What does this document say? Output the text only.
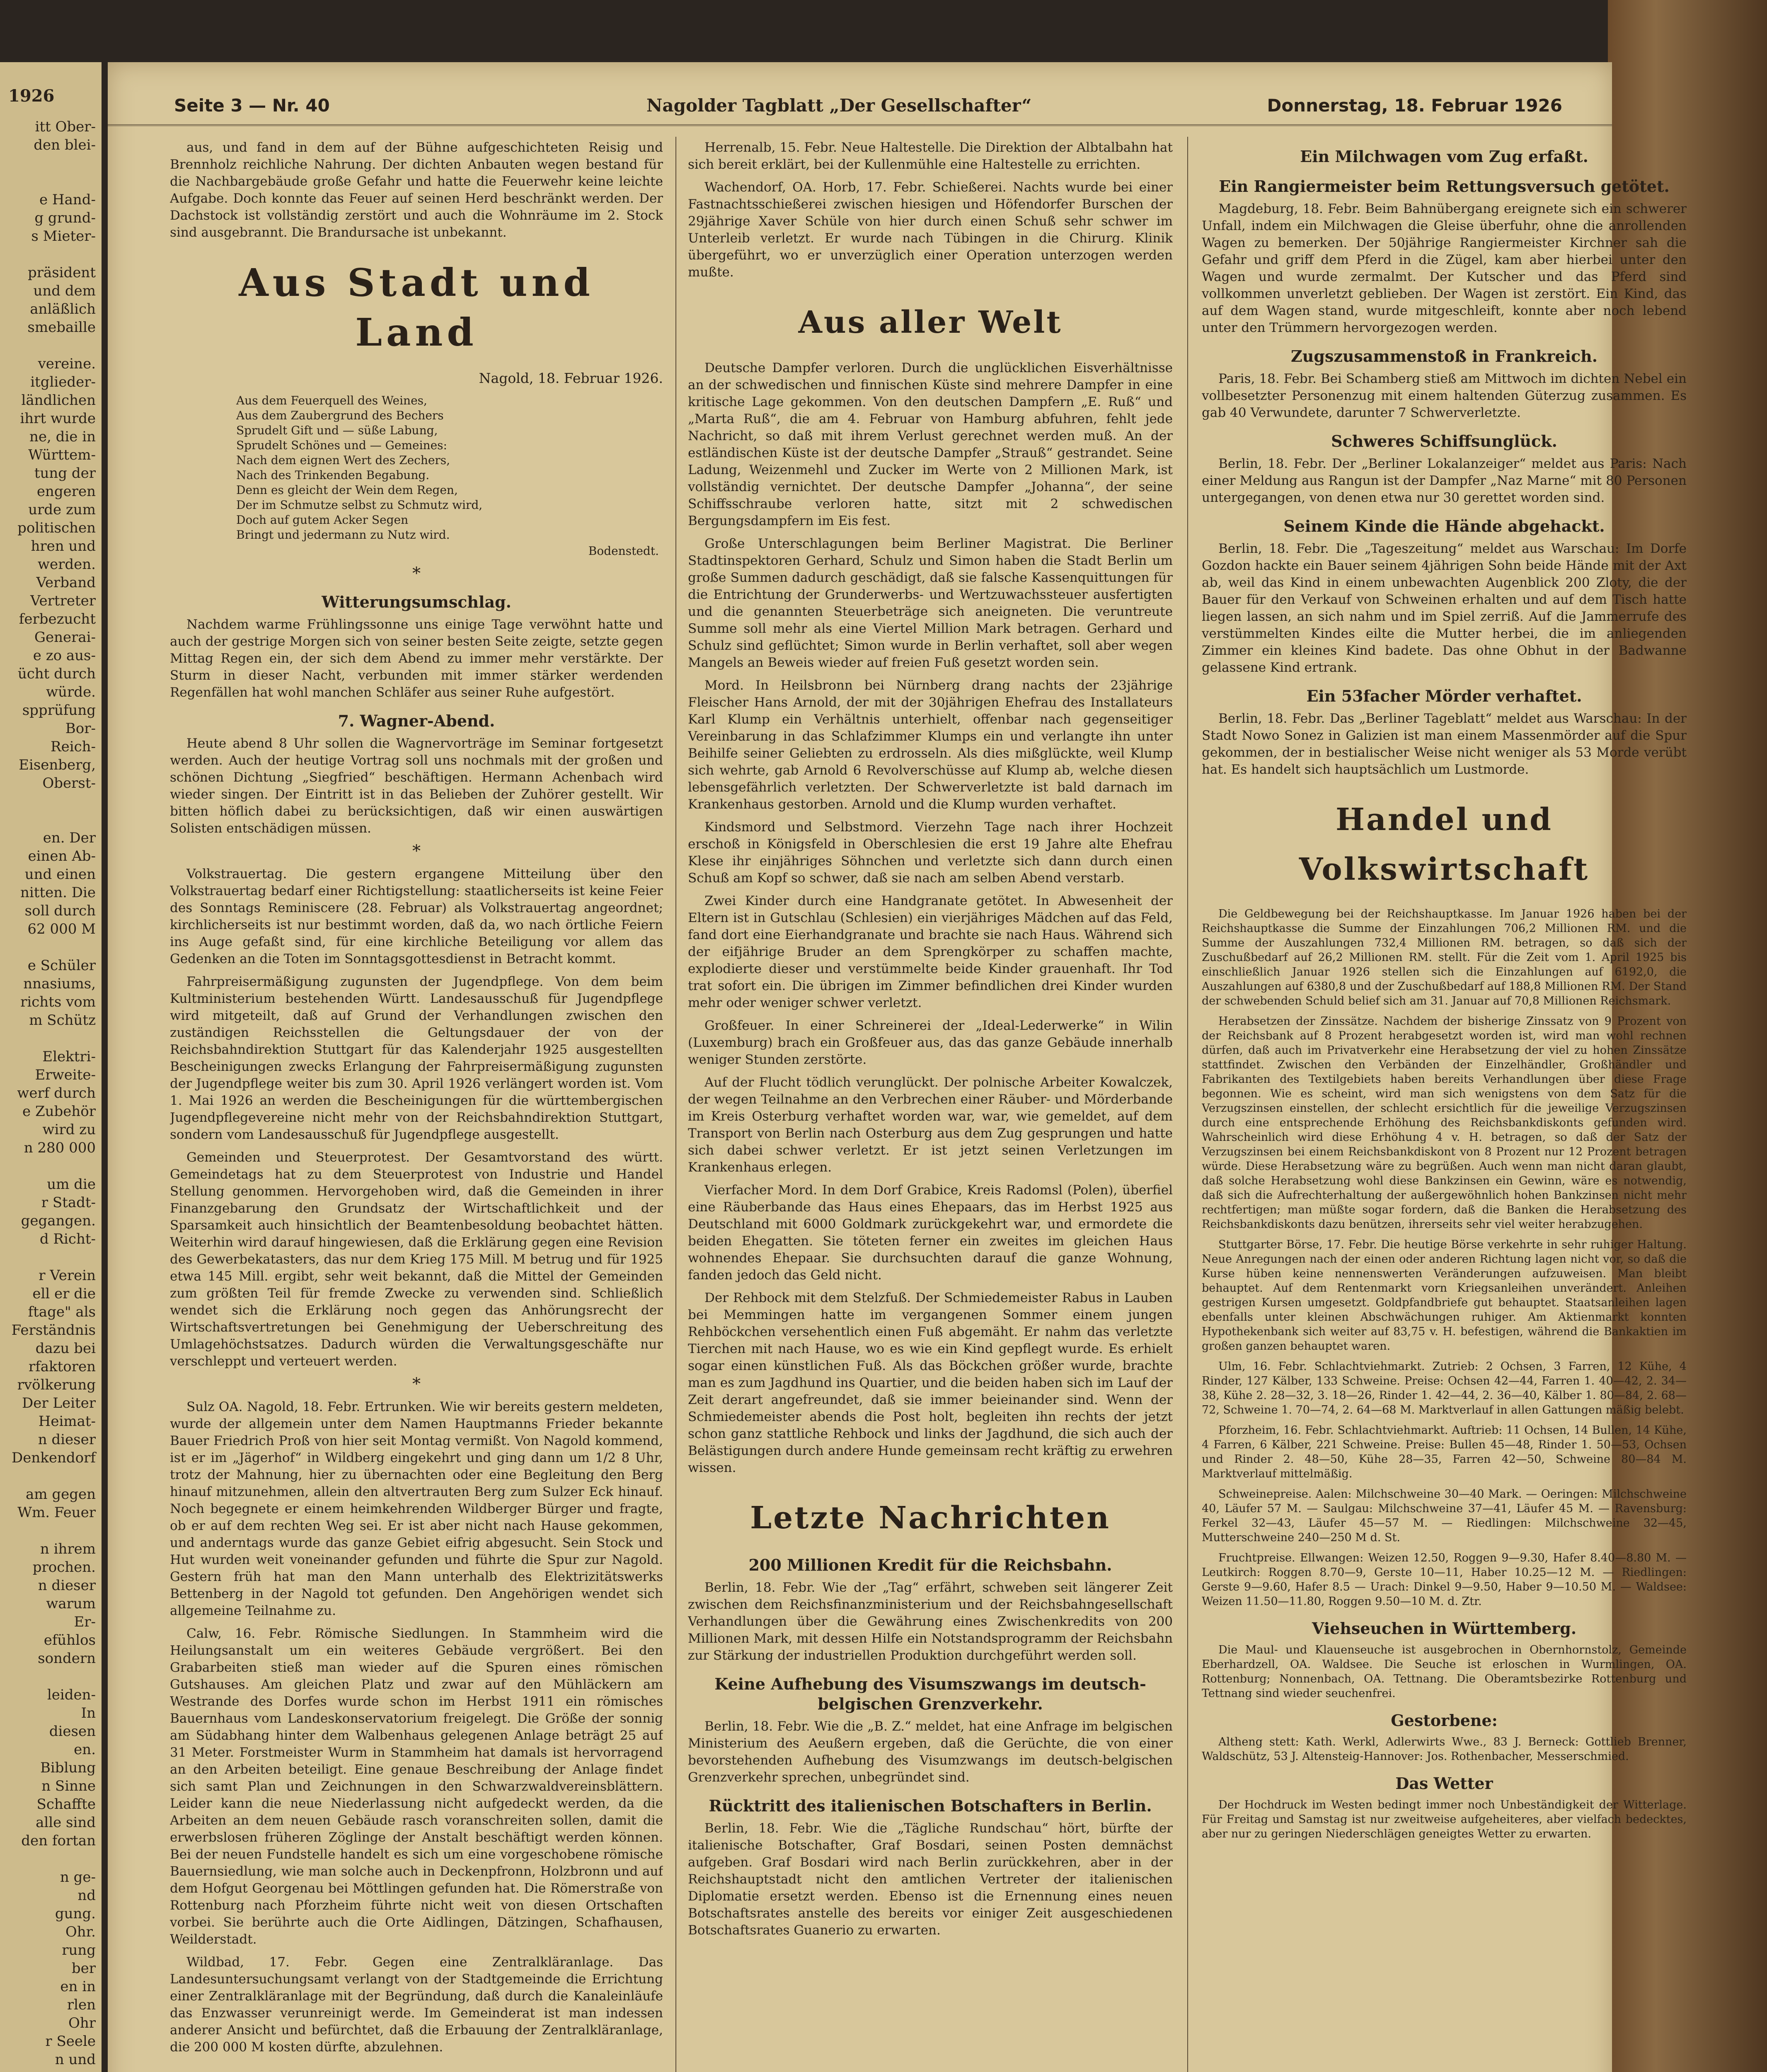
1926
itt Ober-
den blei-

e Hand-
g grund-
s Mieter-

präsident
und dem
anläßlich
smebaille

vereine.
itglieder-
ländlichen
ihrt wurde
ne, die in
Württem-
tung der
engeren
urde zum
politischen
hren und
werden.
Verband
Vertreter
ferbezucht
Generai-
e zo aus-
ücht durch
würde.
spprüfung
Bor-
Reich-
Eisenberg,
Oberst-

en. Der
einen Ab-
und einen
nitten. Die
soll durch
62 000 M

e Schüler
nnasiums,
richts vom
m Schütz

Elektri-
Erweite-
werf durch
e Zubehör
wird zu
n 280 000

um die
r Stadt-
gegangen.
d Richt-

r Verein
ell er die
ftage" als
Ferständnis
dazu bei
rfaktoren
rvölkerung
Der Leiter
Heimat-
n dieser
Denkendorf

am gegen
Wm. Feuer

n ihrem
prochen.
n dieser
warum
Er-
efühlos
sondern

leiden-
In
diesen
en.
Biblung
n Sinne
Schaffte
alle sind
den fortan

n ge-
nd
gung.
Ohr.
rung
ber
en in
rlen
Ohr
r Seele
n und
Seite 3 — Nr. 40	Nagolder Tagblatt „Der Gesellschafter“	Donnerstag, 18. Februar 1926
aus, und fand in dem auf der Bühne aufgeschichteten Reisig und Brennholz reichliche Nahrung. Der dichten Anbauten wegen bestand für die Nachbargebäude große Gefahr und hatte die Feuerwehr keine leichte Aufgabe. Doch konnte das Feuer auf seinen Herd beschränkt werden. Der Dachstock ist vollständig zerstört und auch die Wohnräume im 2. Stock sind ausgebrannt. Die Brandursache ist unbekannt.
Aus Stadt und Land
Nagold, 18. Februar 1926.
Aus dem Feuerquell des Weines,
Aus dem Zaubergrund des Bechers
Sprudelt Gift und — süße Labung,
Sprudelt Schönes und — Gemeines:
Nach dem eignen Wert des Zechers,
Nach des Trinkenden Begabung.
Denn es gleicht der Wein dem Regen,
Der im Schmutze selbst zu Schmutz wird,
Doch auf gutem Acker Segen
Bringt und jedermann zu Nutz wird.
Bodenstedt.
*
Witterungsumschlag.
Nachdem warme Frühlingssonne uns einige Tage verwöhnt hatte und auch der gestrige Morgen sich von seiner besten Seite zeigte, setzte gegen Mittag Regen ein, der sich dem Abend zu immer mehr verstärkte. Der Sturm in dieser Nacht, verbunden mit immer stärker werdenden Regenfällen hat wohl manchen Schläfer aus seiner Ruhe aufgestört.
7. Wagner-Abend.
Heute abend 8 Uhr sollen die Wagnervorträge im Seminar fortgesetzt werden. Auch der heutige Vortrag soll uns nochmals mit der großen und schönen Dichtung „Siegfried“ beschäftigen. Hermann Achenbach wird wieder singen. Der Eintritt ist in das Belieben der Zuhörer gestellt. Wir bitten höflich dabei zu berücksichtigen, daß wir einen auswärtigen Solisten entschädigen müssen.
*
Volkstrauertag. Die gestern ergangene Mitteilung über den Volkstrauertag bedarf einer Richtigstellung: staatlicherseits ist keine Feier des Sonntags Reminiscere (28. Februar) als Volkstrauertag angeordnet; kirchlicherseits ist nur bestimmt worden, daß da, wo nach örtliche Feiern ins Auge gefaßt sind, für eine kirchliche Beteiligung vor allem das Gedenken an die Toten im Sonntagsgottesdienst in Betracht kommt.
Fahrpreisermäßigung zugunsten der Jugendpflege. Von dem beim Kultministerium bestehenden Württ. Landesausschuß für Jugendpflege wird mitgeteilt, daß auf Grund der Verhandlungen zwischen den zuständigen Reichsstellen die Geltungsdauer der von der Reichsbahndirektion Stuttgart für das Kalenderjahr 1925 ausgestellten Bescheinigungen zwecks Erlangung der Fahrpreisermäßigung zugunsten der Jugendpflege weiter bis zum 30. April 1926 verlängert worden ist. Vom 1. Mai 1926 an werden die Bescheinigungen für die württembergischen Jugendpflegevereine nicht mehr von der Reichsbahndirektion Stuttgart, sondern vom Landesausschuß für Jugendpflege ausgestellt.
Gemeinden und Steuerprotest. Der Gesamtvorstand des württ. Gemeindetags hat zu dem Steuerprotest von Industrie und Handel Stellung genommen. Hervorgehoben wird, daß die Gemeinden in ihrer Finanzgebarung den Grundsatz der Wirtschaftlichkeit und der Sparsamkeit auch hinsichtlich der Beamtenbesoldung beobachtet hätten. Weiterhin wird darauf hingewiesen, daß die Erklärung gegen eine Revision des Gewerbekatasters, das nur dem Krieg 175 Mill. M betrug und für 1925 etwa 145 Mill. ergibt, sehr weit bekannt, daß die Mittel der Gemeinden zum größten Teil für fremde Zwecke zu verwenden sind. Schließlich wendet sich die Erklärung noch gegen das Anhörungsrecht der Wirtschaftsvertretungen bei Genehmigung der Ueberschreitung des Umlagehöchstsatzes. Dadurch würden die Verwaltungsgeschäfte nur verschleppt und verteuert werden.
*
Sulz OA. Nagold, 18. Febr. Ertrunken. Wie wir bereits gestern meldeten, wurde der allgemein unter dem Namen Hauptmanns Frieder bekannte Bauer Friedrich Proß von hier seit Montag vermißt. Von Nagold kommend, ist er im „Jägerhof“ in Wildberg eingekehrt und ging dann um 1/2 8 Uhr, trotz der Mahnung, hier zu übernachten oder eine Begleitung den Berg hinauf mitzunehmen, allein den altvertrauten Berg zum Sulzer Eck hinauf. Noch begegnete er einem heimkehrenden Wildberger Bürger und fragte, ob er auf dem rechten Weg sei. Er ist aber nicht nach Hause gekommen, und anderntags wurde das ganze Gebiet eifrig abgesucht. Sein Stock und Hut wurden weit voneinander gefunden und führte die Spur zur Nagold. Gestern früh hat man den Mann unterhalb des Elektrizitätswerks Bettenberg in der Nagold tot gefunden. Den Angehörigen wendet sich allgemeine Teilnahme zu.
Calw, 16. Febr. Römische Siedlungen. In Stammheim wird die Heilungsanstalt um ein weiteres Gebäude vergrößert. Bei den Grabarbeiten stieß man wieder auf die Spuren eines römischen Gutshauses. Am gleichen Platz und zwar auf den Mühläckern am Westrande des Dorfes wurde schon im Herbst 1911 ein römisches Bauernhaus vom Landeskonservatorium freigelegt. Die Größe der sonnig am Südabhang hinter dem Walbenhaus gelegenen Anlage beträgt 25 auf 31 Meter. Forstmeister Wurm in Stammheim hat damals ist hervorragend an den Arbeiten beteiligt. Eine genaue Beschreibung der Anlage findet sich samt Plan und Zeichnungen in den Schwarzwaldvereinsblättern. Leider kann die neue Niederlassung nicht aufgedeckt werden, da die Arbeiten an dem neuen Gebäude rasch voranschreiten sollen, damit die erwerbslosen früheren Zöglinge der Anstalt beschäftigt werden können. Bei der neuen Fundstelle handelt es sich um eine vorgeschobene römische Bauernsiedlung, wie man solche auch in Deckenpfronn, Holzbronn und auf dem Hofgut Georgenau bei Möttlingen gefunden hat. Die Römerstraße von Rottenburg nach Pforzheim führte nicht weit von diesen Ortschaften vorbei. Sie berührte auch die Orte Aidlingen, Dätzingen, Schafhausen, Weilderstadt.
Wildbad, 17. Febr. Gegen eine Zentralkläranlage. Das Landesuntersuchungsamt verlangt von der Stadtgemeinde die Errichtung einer Zentralkläranlage mit der Begründung, daß durch die Kanaleinläufe das Enzwasser verunreinigt werde. Im Gemeinderat ist man indessen anderer Ansicht und befürchtet, daß die Erbauung der Zentralkläranlage, die 200 000 M kosten dürfte, abzulehnen.
Herrenalb, 15. Febr. Neue Haltestelle. Die Direktion der Albtalbahn hat sich bereit erklärt, bei der Kullenmühle eine Haltestelle zu errichten.
Wachendorf, OA. Horb, 17. Febr. Schießerei. Nachts wurde bei einer Fastnachtsschießerei zwischen hiesigen und Höfendorfer Burschen der 29jährige Xaver Schüle von hier durch einen Schuß sehr schwer im Unterleib verletzt. Er wurde nach Tübingen in die Chirurg. Klinik übergeführt, wo er unverzüglich einer Operation unterzogen werden mußte.
Aus aller Welt
Deutsche Dampfer verloren. Durch die unglücklichen Eisverhältnisse an der schwedischen und finnischen Küste sind mehrere Dampfer in eine kritische Lage gekommen. Von den deutschen Dampfern „E. Ruß“ und „Marta Ruß“, die am 4. Februar von Hamburg abfuhren, fehlt jede Nachricht, so daß mit ihrem Verlust gerechnet werden muß. An der estländischen Küste ist der deutsche Dampfer „Strauß“ gestrandet. Seine Ladung, Weizenmehl und Zucker im Werte von 2 Millionen Mark, ist vollständig vernichtet. Der deutsche Dampfer „Johanna“, der seine Schiffsschraube verloren hatte, sitzt mit 2 schwedischen Bergungsdampfern im Eis fest.
Große Unterschlagungen beim Berliner Magistrat. Die Berliner Stadtinspektoren Gerhard, Schulz und Simon haben die Stadt Berlin um große Summen dadurch geschädigt, daß sie falsche Kassenquittungen für die Entrichtung der Grunderwerbs- und Wertzuwachssteuer ausfertigten und die genannten Steuerbeträge sich aneigneten. Die veruntreute Summe soll mehr als eine Viertel Million Mark betragen. Gerhard und Schulz sind geflüchtet; Simon wurde in Berlin verhaftet, soll aber wegen Mangels an Beweis wieder auf freien Fuß gesetzt worden sein.
Mord. In Heilsbronn bei Nürnberg drang nachts der 23jährige Fleischer Hans Arnold, der mit der 30jährigen Ehefrau des Installateurs Karl Klump ein Verhältnis unterhielt, offenbar nach gegenseitiger Vereinbarung in das Schlafzimmer Klumps ein und verlangte ihn unter Beihilfe seiner Geliebten zu erdrosseln. Als dies mißglückte, weil Klump sich wehrte, gab Arnold 6 Revolverschüsse auf Klump ab, welche diesen lebensgefährlich verletzten. Der Schwerverletzte ist bald darnach im Krankenhaus gestorben. Arnold und die Klump wurden verhaftet.
Kindsmord und Selbstmord. Vierzehn Tage nach ihrer Hochzeit erschoß in Königsfeld in Oberschlesien die erst 19 Jahre alte Ehefrau Klese ihr einjähriges Söhnchen und verletzte sich dann durch einen Schuß am Kopf so schwer, daß sie nach am selben Abend verstarb.
Zwei Kinder durch eine Handgranate getötet. In Abwesenheit der Eltern ist in Gutschlau (Schlesien) ein vierjähriges Mädchen auf das Feld, fand dort eine Eierhandgranate und brachte sie nach Haus. Während sich der eifjährige Bruder an dem Sprengkörper zu schaffen machte, explodierte dieser und verstümmelte beide Kinder grauenhaft. Ihr Tod trat sofort ein. Die übrigen im Zimmer befindlichen drei Kinder wurden mehr oder weniger schwer verletzt.
Großfeuer. In einer Schreinerei der „Ideal-Lederwerke“ in Wilin (Luxemburg) brach ein Großfeuer aus, das das ganze Gebäude innerhalb weniger Stunden zerstörte.
Auf der Flucht tödlich verunglückt. Der polnische Arbeiter Kowalczek, der wegen Teilnahme an den Verbrechen einer Räuber- und Mörderbande im Kreis Osterburg verhaftet worden war, war, wie gemeldet, auf dem Transport von Berlin nach Osterburg aus dem Zug gesprungen und hatte sich dabei schwer verletzt. Er ist jetzt seinen Verletzungen im Krankenhaus erlegen.
Vierfacher Mord. In dem Dorf Grabice, Kreis Radomsl (Polen), überfiel eine Räuberbande das Haus eines Ehepaars, das im Herbst 1925 aus Deutschland mit 6000 Goldmark zurückgekehrt war, und ermordete die beiden Ehegatten. Sie töteten ferner ein zweites im gleichen Haus wohnendes Ehepaar. Sie durchsuchten darauf die ganze Wohnung, fanden jedoch das Geld nicht.
Der Rehbock mit dem Stelzfuß. Der Schmiedemeister Rabus in Lauben bei Memmingen hatte im vergangenen Sommer einem jungen Rehböckchen versehentlich einen Fuß abgemäht. Er nahm das verletzte Tierchen mit nach Hause, wo es wie ein Kind gepflegt wurde. Es erhielt sogar einen künstlichen Fuß. Als das Böckchen größer wurde, brachte man es zum Jagdhund ins Quartier, und die beiden haben sich im Lauf der Zeit derart angefreundet, daß sie immer beieinander sind. Wenn der Schmiedemeister abends die Post holt, begleiten ihn rechts der jetzt schon ganz stattliche Rehbock und links der Jagdhund, die sich auch der Belästigungen durch andere Hunde gemeinsam recht kräftig zu erwehren wissen.
Letzte Nachrichten
200 Millionen Kredit für die Reichsbahn.
Berlin, 18. Febr. Wie der „Tag“ erfährt, schweben seit längerer Zeit zwischen dem Reichsfinanzministerium und der Reichsbahngesellschaft Verhandlungen über die Gewährung eines Zwischenkredits von 200 Millionen Mark, mit dessen Hilfe ein Notstandsprogramm der Reichsbahn zur Stärkung der industriellen Produktion durchgeführt werden soll.
Keine Aufhebung des Visumszwangs im deutsch-belgischen Grenzverkehr.
Berlin, 18. Febr. Wie die „B. Z.“ meldet, hat eine Anfrage im belgischen Ministerium des Aeußern ergeben, daß die Gerüchte, die von einer bevorstehenden Aufhebung des Visumzwangs im deutsch-belgischen Grenzverkehr sprechen, unbegründet sind.
Rücktritt des italienischen Botschafters in Berlin.
Berlin, 18. Febr. Wie die „Tägliche Rundschau“ hört, bürfte der italienische Botschafter, Graf Bosdari, seinen Posten demnächst aufgeben. Graf Bosdari wird nach Berlin zurückkehren, aber in der Reichshauptstadt nicht den amtlichen Vertreter der italienischen Diplomatie ersetzt werden. Ebenso ist die Ernennung eines neuen Botschaftsrates anstelle des bereits vor einiger Zeit ausgeschiedenen Botschaftsrates Guanerio zu erwarten.
Ein Milchwagen vom Zug erfaßt.
Ein Rangiermeister beim Rettungsversuch getötet.
Magdeburg, 18. Febr. Beim Bahnübergang ereignete sich ein schwerer Unfall, indem ein Milchwagen die Gleise überfuhr, ohne die anrollenden Wagen zu bemerken. Der 50jährige Rangiermeister Kirchner sah die Gefahr und griff dem Pferd in die Zügel, kam aber hierbei unter den Wagen und wurde zermalmt. Der Kutscher und das Pferd sind vollkommen unverletzt geblieben. Der Wagen ist zerstört. Ein Kind, das auf dem Wagen stand, wurde mitgeschleift, konnte aber noch lebend unter den Trümmern hervorgezogen werden.
Zugszusammenstoß in Frankreich.
Paris, 18. Febr. Bei Schamberg stieß am Mittwoch im dichten Nebel ein vollbesetzter Personenzug mit einem haltenden Güterzug zusammen. Es gab 40 Verwundete, darunter 7 Schwerverletzte.
Schweres Schiffsunglück.
Berlin, 18. Febr. Der „Berliner Lokalanzeiger“ meldet aus Paris: Nach einer Meldung aus Rangun ist der Dampfer „Naz Marne“ mit 80 Personen untergegangen, von denen etwa nur 30 gerettet worden sind.
Seinem Kinde die Hände abgehackt.
Berlin, 18. Febr. Die „Tageszeitung“ meldet aus Warschau: Im Dorfe Gozdon hackte ein Bauer seinem 4jährigen Sohn beide Hände mit der Axt ab, weil das Kind in einem unbewachten Augenblick 200 Zloty, die der Bauer für den Verkauf von Schweinen erhalten und auf dem Tisch hatte liegen lassen, an sich nahm und im Spiel zerriß. Auf die Jammerrufe des verstümmelten Kindes eilte die Mutter herbei, die im anliegenden Zimmer ein kleines Kind badete. Das ohne Obhut in der Badwanne gelassene Kind ertrank.
Ein 53facher Mörder verhaftet.
Berlin, 18. Febr. Das „Berliner Tageblatt“ meldet aus Warschau: In der Stadt Nowo Sonez in Galizien ist man einem Massenmörder auf die Spur gekommen, der in bestialischer Weise nicht weniger als 53 Morde verübt hat. Es handelt sich hauptsächlich um Lustmorde.
Handel und Volkswirtschaft
Die Geldbewegung bei der Reichshauptkasse. Im Januar 1926 haben bei der Reichshauptkasse die Summe der Einzahlungen 706,2 Millionen RM. und die Summe der Auszahlungen 732,4 Millionen RM. betragen, so daß sich der Zuschußbedarf auf 26,2 Millionen RM. stellt. Für die Zeit vom 1. April 1925 bis einschließlich Januar 1926 stellen sich die Einzahlungen auf 6192,0, die Auszahlungen auf 6380,8 und der Zuschußbedarf auf 188,8 Millionen RM. Der Stand der schwebenden Schuld belief sich am 31. Januar auf 70,8 Millionen Reichsmark.
Herabsetzen der Zinssätze. Nachdem der bisherige Zinssatz von 9 Prozent von der Reichsbank auf 8 Prozent herabgesetzt worden ist, wird man wohl rechnen dürfen, daß auch im Privatverkehr eine Herabsetzung der viel zu hohen Zinssätze stattfindet. Zwischen den Verbänden der Einzelhändler, Großhändler und Fabrikanten des Textilgebiets haben bereits Verhandlungen über diese Frage begonnen. Wie es scheint, wird man sich wenigstens von dem Satz für die Verzugszinsen einstellen, der schlecht ersichtlich für die jeweilige Verzugszinsen durch eine entsprechende Erhöhung des Reichsbankdiskonts gefunden wird. Wahrscheinlich wird diese Erhöhung 4 v. H. betragen, so daß der Satz der Verzugszinsen bei einem Reichsbankdiskont von 8 Prozent nur 12 Prozent betragen würde. Diese Herabsetzung wäre zu begrüßen. Auch wenn man nicht daran glaubt, daß solche Herabsetzung wohl diese Bankzinsen ein Gewinn, wäre es notwendig, daß sich die Aufrechterhaltung der außergewöhnlich hohen Bankzinsen nicht mehr rechtfertigen; man müßte sogar fordern, daß die Banken die Herabsetzung des Reichsbankdiskonts dazu benützen, ihrerseits sehr viel weiter herabzugehen.
Stuttgarter Börse, 17. Febr. Die heutige Börse verkehrte in sehr ruhiger Haltung. Neue Anregungen nach der einen oder anderen Richtung lagen nicht vor, so daß die Kurse hüben keine nennenswerten Veränderungen aufzuweisen. Man bleibt behauptet. Auf dem Rentenmarkt vorn Kriegsanleihen unverändert. Anleihen gestrigen Kursen umgesetzt. Goldpfandbriefe gut behauptet. Staatsanleihen lagen ebenfalls unter kleinen Abschwächungen ruhiger. Am Aktienmarkt konnten Hypothekenbank sich weiter auf 83,75 v. H. befestigen, während die Bankaktien im großen ganzen behauptet waren.
Ulm, 16. Febr. Schlachtviehmarkt. Zutrieb: 2 Ochsen, 3 Farren, 12 Kühe, 4 Rinder, 127 Kälber, 133 Schweine. Preise: Ochsen 42—44, Farren 1. 40—42, 2. 34—38, Kühe 2. 28—32, 3. 18—26, Rinder 1. 42—44, 2. 36—40, Kälber 1. 80—84, 2. 68—72, Schweine 1. 70—74, 2. 64—68 M. Marktverlauf in allen Gattungen mäßig belebt.
Pforzheim, 16. Febr. Schlachtviehmarkt. Auftrieb: 11 Ochsen, 14 Bullen, 14 Kühe, 4 Farren, 6 Kälber, 221 Schweine. Preise: Bullen 45—48, Rinder 1. 50—53, Ochsen und Rinder 2. 48—50, Kühe 28—35, Farren 42—50, Schweine 80—84 M. Marktverlauf mittelmäßig.
Schweinepreise. Aalen: Milchschweine 30—40 Mark. — Oeringen: Milchschweine 40, Läufer 57 M. — Saulgau: Milchschweine 37—41, Läufer 45 M. — Ravensburg: Ferkel 32—43, Läufer 45—57 M. — Riedlingen: Milchschweine 32—45, Mutterschweine 240—250 M d. St.
Fruchtpreise. Ellwangen: Weizen 12.50, Roggen 9—9.30, Hafer 8.40—8.80 M. — Leutkirch: Roggen 8.70—9, Gerste 10—11, Haber 10.25—12 M. — Riedlingen: Gerste 9—9.60, Hafer 8.5 — Urach: Dinkel 9—9.50, Haber 9—10.50 M. — Waldsee: Weizen 11.50—11.80, Roggen 9.50—10 M. d. Ztr.
Viehseuchen in Württemberg.
Die Maul- und Klauenseuche ist ausgebrochen in Obernhornstolz, Gemeinde Eberhardzell, OA. Waldsee. Die Seuche ist erloschen in Wurmlingen, OA. Rottenburg; Nonnenbach, OA. Tettnang. Die Oberamtsbezirke Rottenburg und Tettnang sind wieder seuchenfrei.
Gestorbene:
Altheng stett: Kath. Werkl, Adlerwirts Wwe., 83 J. Berneck: Gottlieb Brenner, Waldschütz, 53 J. Altensteig-Hannover: Jos. Rothenbacher, Messerschmied.
Das Wetter
Der Hochdruck im Westen bedingt immer noch Unbeständigkeit der Witterlage. Für Freitag und Samstag ist nur zweitweise aufgeheiteres, aber vielfach bedecktes, aber nur zu geringen Niederschlägen geneigtes Wetter zu erwarten.
